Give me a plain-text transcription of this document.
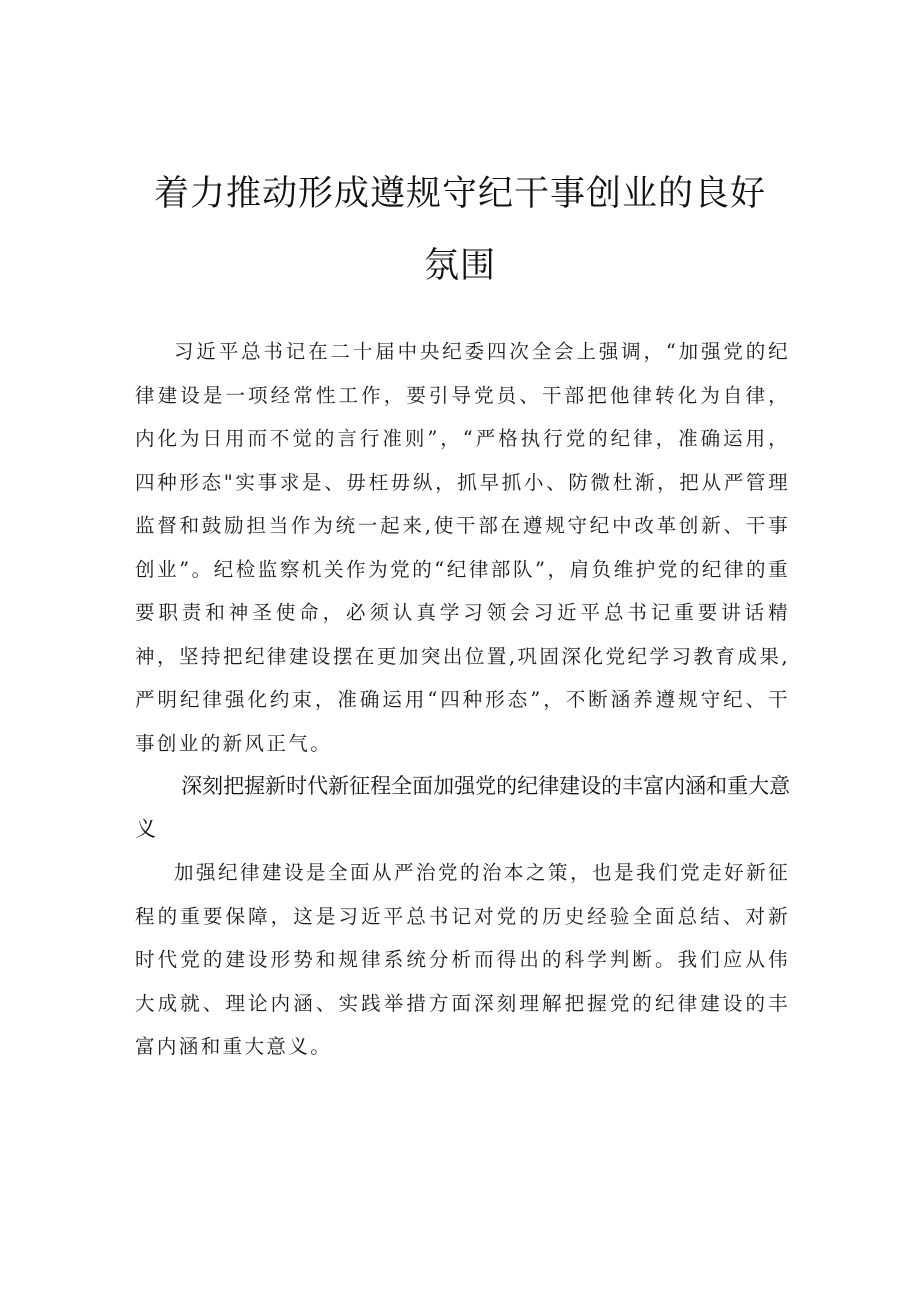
着力推动形成遵规守纪干事创业的良好氛围

习近平总书记在二十届中央纪委四次全会上强调，“加强党的纪律建设是一项经常性工作，要引导党员、干部把他律转化为自律，内化为日用而不觉的言行准则”，“严格执行党的纪律，准确运用，四种形态"实事求是、毋枉毋纵，抓早抓小、防微杜渐，把从严管理监督和鼓励担当作为统一起来,使干部在遵规守纪中改革创新、干事创业”。纪检监察机关作为党的“纪律部队”，肩负维护党的纪律的重要职责和神圣使命，必须认真学习领会习近平总书记重要讲话精神，坚持把纪律建设摆在更加突出位置,巩固深化党纪学习教育成果,严明纪律强化约束，准确运用“四种形态”，不断涵养遵规守纪、干事创业的新风正气。

深刻把握新时代新征程全面加强党的纪律建设的丰富内涵和重大意义

加强纪律建设是全面从严治党的治本之策，也是我们党走好新征程的重要保障，这是习近平总书记对党的历史经验全面总结、对新时代党的建设形势和规律系统分析而得出的科学判断。我们应从伟大成就、理论内涵、实践举措方面深刻理解把握党的纪律建设的丰富内涵和重大意义。
